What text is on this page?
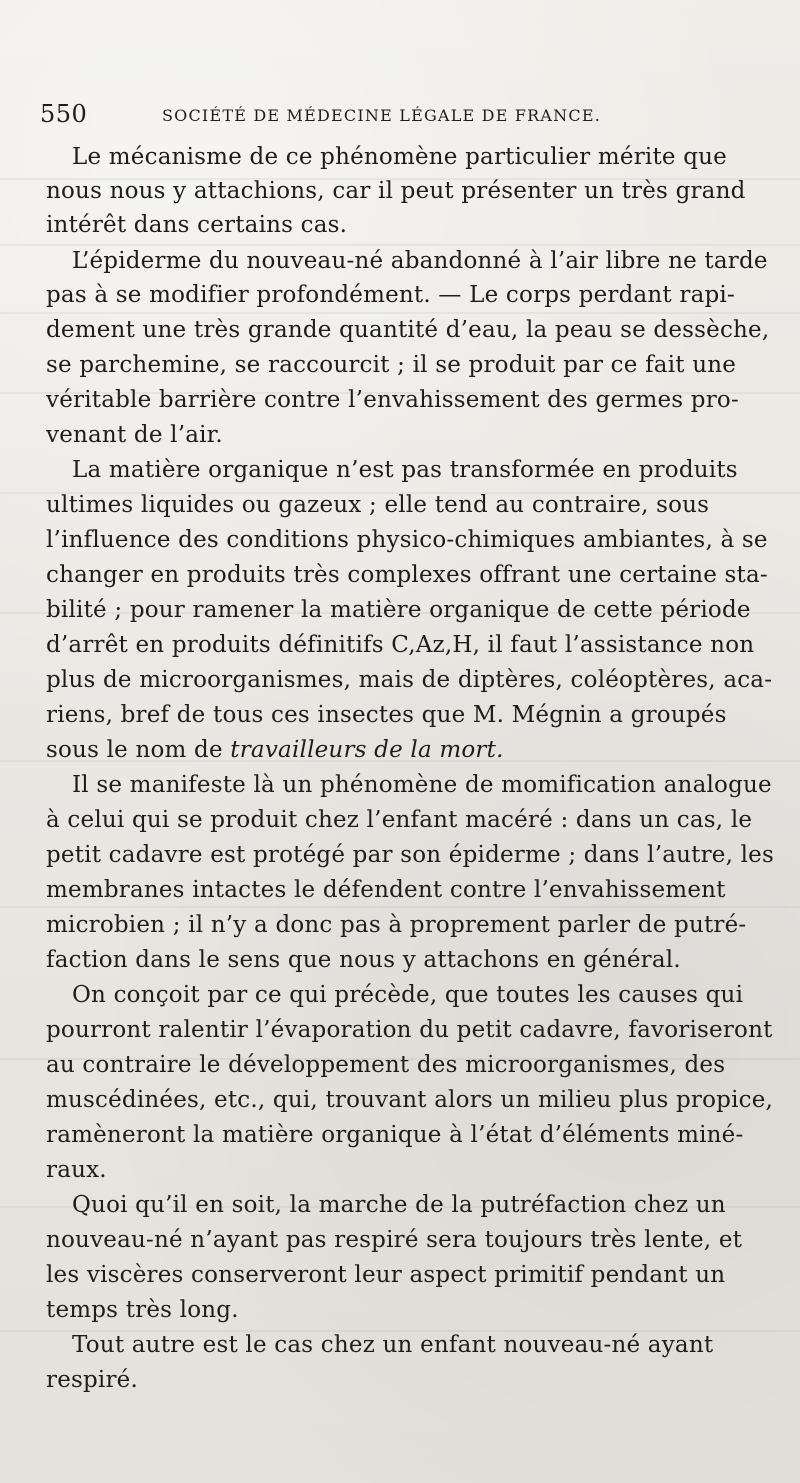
550	SOCIÉTÉ DE MÉDECINE LÉGALE DE FRANCE.
Le mécanisme de ce phénomène particulier mérite que
nous nous y attachions, car il peut présenter un très grand
intérêt dans certains cas.
L’épiderme du nouveau-né abandonné à l’air libre ne tarde
pas à se modifier profondément. — Le corps perdant rapi-
dement une très grande quantité d’eau, la peau se dessèche,
se parchemine, se raccourcit ; il se produit par ce fait une
véritable barrière contre l’envahissement des germes pro-
venant de l’air.
La matière organique n’est pas transformée en produits
ultimes liquides ou gazeux ; elle tend au contraire, sous
l’influence des conditions physico-chimiques ambiantes, à se
changer en produits très complexes offrant une certaine sta-
bilité ; pour ramener la matière organique de cette période
d’arrêt en produits définitifs C,Az,H, il faut l’assistance non
plus de microorganismes, mais de diptères, coléoptères, aca-
riens, bref de tous ces insectes que M. Mégnin a groupés
sous le nom de travailleurs de la mort.
Il se manifeste là un phénomène de momification analogue
à celui qui se produit chez l’enfant macéré : dans un cas, le
petit cadavre est protégé par son épiderme ; dans l’autre, les
membranes intactes le défendent contre l’envahissement
microbien ; il n’y a donc pas à proprement parler de putré-
faction dans le sens que nous y attachons en général.
On conçoit par ce qui précède, que toutes les causes qui
pourront ralentir l’évaporation du petit cadavre, favoriseront
au contraire le développement des microorganismes, des
muscédinées, etc., qui, trouvant alors un milieu plus propice,
ramèneront la matière organique à l’état d’éléments miné-
raux.
Quoi qu’il en soit, la marche de la putréfaction chez un
nouveau-né n’ayant pas respiré sera toujours très lente, et
les viscères conserveront leur aspect primitif pendant un
temps très long.
Tout autre est le cas chez un enfant nouveau-né ayant
respiré.
